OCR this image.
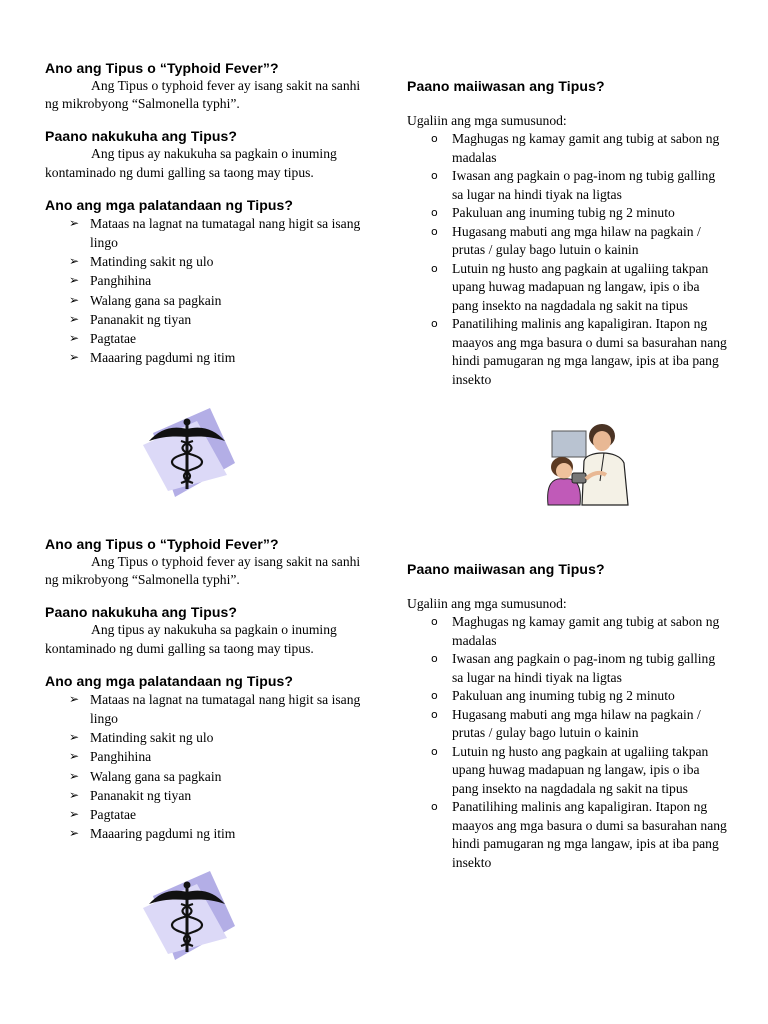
Ano ang Tipus o “Typhoid Fever”?

Ang Tipus o typhoid fever ay isang sakit na sanhi ng mikrobyong “Salmonella typhi”.

Paano nakukuha ang Tipus?

Ang tipus ay nakukuha sa pagkain o inuming kontaminado ng dumi galling sa taong may tipus.

Ano ang mga palatandaan ng Tipus?
➢ Mataas na lagnat na tumatagal nang higit sa isang lingo
➢ Matinding sakit ng ulo
➢ Panghihina
➢ Walang gana sa pagkain
➢ Pananakit ng tiyan
➢ Pagtatae
➢ Maaaring pagdumi ng itim
Paano maiiwasan ang Tipus?

Ugaliin ang mga sumusunod:

o Maghugas ng kamay gamit ang tubig at sabon ng madalas
o Iwasan ang pagkain o pag-inom ng tubig galling sa lugar na hindi tiyak na ligtas
o Pakuluan ang inuming tubig ng 2 minuto
o Hugasang mabuti ang mga hilaw na pagkain / prutas / gulay bago lutuin o kainin
o Lutuin ng husto ang pagkain at ugaliing takpan upang huwag madapuan ng langaw, ipis o iba pang insekto na nagdadala ng sakit na tipus
o Panatilihing malinis ang kapaligiran. Itapon ng maayos ang mga basura o dumi sa basurahan nang hindi pamugaran ng mga langaw, ipis at iba pang insekto
Ano ang Tipus o “Typhoid Fever”?

Ang Tipus o typhoid fever ay isang sakit na sanhi ng mikrobyong “Salmonella typhi”.

Paano nakukuha ang Tipus?

Ang tipus ay nakukuha sa pagkain o inuming kontaminado ng dumi galling sa taong may tipus.

Ano ang mga palatandaan ng Tipus?
➢ Mataas na lagnat na tumatagal nang higit sa isang lingo
➢ Matinding sakit ng ulo
➢ Panghihina
➢ Walang gana sa pagkain
➢ Pananakit ng tiyan
➢ Pagtatae
➢ Maaaring pagdumi ng itim
Paano maiiwasan ang Tipus?

Ugaliin ang mga sumusunod:

o Maghugas ng kamay gamit ang tubig at sabon ng madalas
o Iwasan ang pagkain o pag-inom ng tubig galling sa lugar na hindi tiyak na ligtas
o Pakuluan ang inuming tubig ng 2 minuto
o Hugasang mabuti ang mga hilaw na pagkain / prutas / gulay bago lutuin o kainin
o Lutuin ng husto ang pagkain at ugaliing takpan upang huwag madapuan ng langaw, ipis o iba pang insekto na nagdadala ng sakit na tipus
o Panatilihing malinis ang kapaligiran. Itapon ng maayos ang mga basura o dumi sa basurahan nang hindi pamugaran ng mga langaw, ipis at iba pang insekto
